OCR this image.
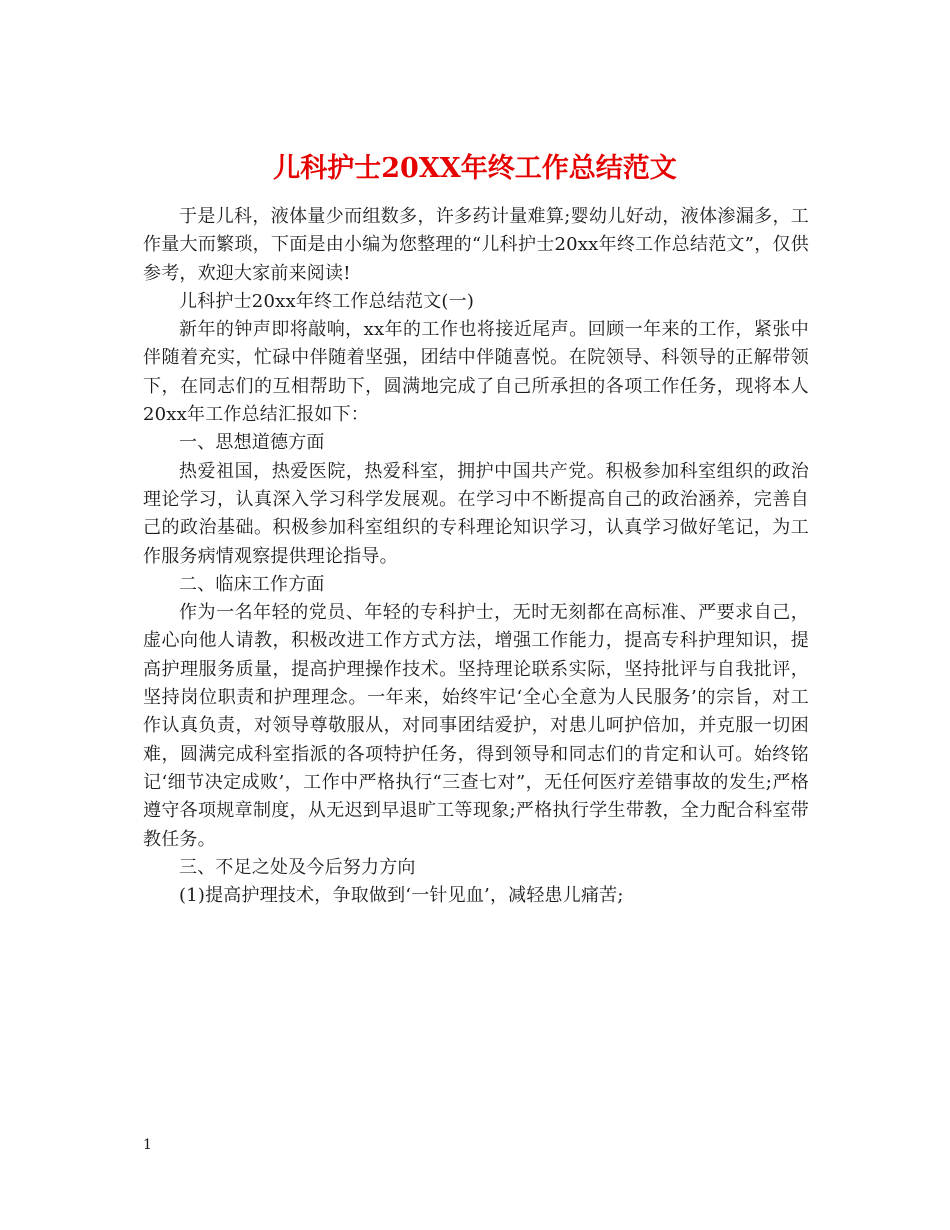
儿科护士20XX年终工作总结范文

于是儿科，液体量少而组数多，许多药计量难算;婴幼儿好动，液体渗漏多，工作量大而繁琐，下面是由小编为您整理的“儿科护士20xx年终工作总结范文”，仅供参考，欢迎大家前来阅读!

儿科护士20xx年终工作总结范文(一)

新年的钟声即将敲响，xx年的工作也将接近尾声。回顾一年来的工作，紧张中伴随着充实，忙碌中伴随着坚强，团结中伴随喜悦。在院领导、科领导的正解带领下，在同志们的互相帮助下，圆满地完成了自己所承担的各项工作任务，现将本人20xx年工作总结汇报如下：

一、思想道德方面

热爱祖国，热爱医院，热爱科室，拥护中国共产党。积极参加科室组织的政治理论学习，认真深入学习科学发展观。在学习中不断提高自己的政治涵养，完善自己的政治基础。积极参加科室组织的专科理论知识学习，认真学习做好笔记，为工作服务病情观察提供理论指导。

二、临床工作方面

作为一名年轻的党员、年轻的专科护士，无时无刻都在高标准、严要求自己，虚心向他人请教，积极改进工作方式方法，增强工作能力，提高专科护理知识，提高护理服务质量，提高护理操作技术。坚持理论联系实际，坚持批评与自我批评，坚持岗位职责和护理理念。一年来，始终牢记‘全心全意为人民服务’的宗旨，对工作认真负责，对领导尊敬服从，对同事团结爱护，对患儿呵护倍加，并克服一切困难，圆满完成科室指派的各项特护任务，得到领导和同志们的肯定和认可。始终铭记‘细节决定成败’，工作中严格执行“三查七对”，无任何医疗差错事故的发生;严格遵守各项规章制度，从无迟到早退旷工等现象;严格执行学生带教，全力配合科室带教任务。

三、不足之处及今后努力方向

(1)提高护理技术，争取做到‘一针见血’，减轻患儿痛苦;

1
